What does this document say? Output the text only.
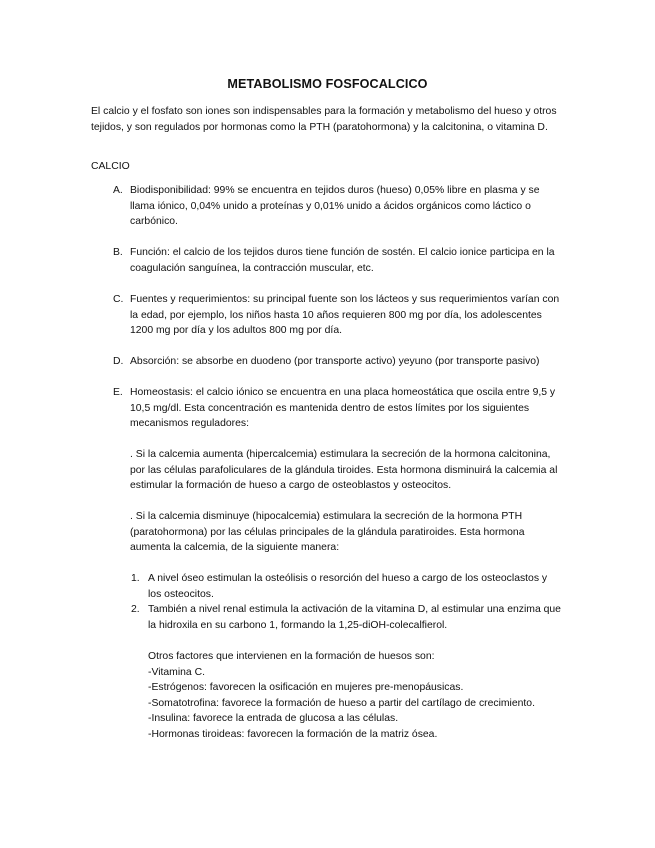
METABOLISMO FOSFOCALCICO
El calcio y el fosfato son iones son indispensables para la formación y metabolismo del hueso y otros tejidos, y son regulados por hormonas como la PTH (paratohormona) y la calcitonina, o vitamina D.
CALCIO
A. Biodisponibilidad: 99% se encuentra en tejidos duros (hueso) 0,05% libre en plasma y se llama iónico, 0,04% unido a proteínas y 0,01% unido a ácidos orgánicos como láctico o carbónico.
B. Función: el calcio de los tejidos duros tiene función de sostén. El calcio ionice participa en la coagulación sanguínea, la contracción muscular, etc.
C. Fuentes y requerimientos: su principal fuente son los lácteos y sus requerimientos varían con la edad, por ejemplo, los niños hasta 10 años requieren 800 mg por día, los adolescentes 1200 mg por día y los adultos 800 mg por día.
D. Absorción: se absorbe en duodeno (por transporte activo) yeyuno (por transporte pasivo)
E. Homeostasis: el calcio iónico se encuentra en una placa homeostática que oscila entre 9,5 y 10,5 mg/dl. Esta concentración es mantenida dentro de estos límites por los siguientes mecanismos reguladores:
. Si la calcemia aumenta (hipercalcemia) estimulara la secreción de la hormona calcitonina, por las células parafoliculares de la glándula tiroides. Esta hormona disminuirá la calcemia al estimular la formación de hueso a cargo de osteoblastos y osteocitos.
. Si la calcemia disminuye (hipocalcemia) estimulara la secreción de la hormona PTH (paratohormona) por las células principales de la glándula paratiroides. Esta hormona aumenta la calcemia, de la siguiente manera:
1. A nivel óseo estimulan la osteólisis o resorción del hueso a cargo de los osteoclastos y los osteocitos.
2. También a nivel renal estimula la activación de la vitamina D, al estimular una enzima que la hidroxila en su carbono 1, formando la 1,25-diOH-colecalfierol.
Otros factores que intervienen en la formación de huesos son:
-Vitamina C.
-Estrógenos: favorecen la osificación en mujeres pre-menopáusicas.
-Somatotrofina: favorece la formación de hueso a partir del cartílago de crecimiento.
-Insulina: favorece la entrada de glucosa a las células.
-Hormonas tiroideas: favorecen la formación de la matriz ósea.
